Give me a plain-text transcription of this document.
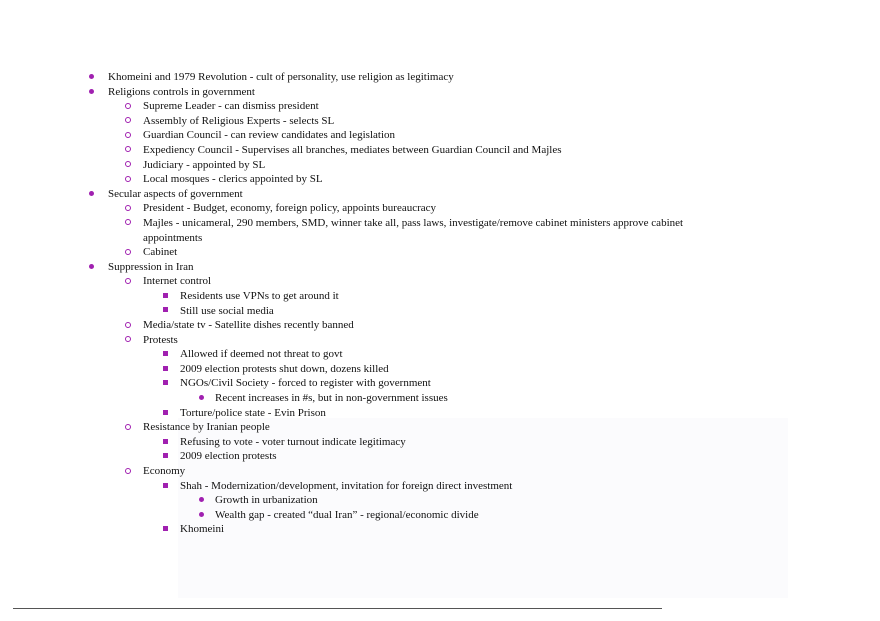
Khomeini and 1979 Revolution - cult of personality, use religion as legitimacy
Religions controls in government
Supreme Leader - can dismiss president
Assembly of Religious Experts - selects SL
Guardian Council - can review candidates and legislation
Expediency Council - Supervises all branches, mediates between Guardian Council and Majles
Judiciary - appointed by SL
Local mosques - clerics appointed by SL
Secular aspects of government
President - Budget, economy, foreign policy, appoints bureaucracy
Majles - unicameral, 290 members, SMD, winner take all, pass laws, investigate/remove cabinet ministers approve cabinet
appointments
Cabinet
Suppression in Iran
Internet control
Residents use VPNs to get around it
Still use social media
Media/state tv - Satellite dishes recently banned
Protests
Allowed if deemed not threat to govt
2009 election protests shut down, dozens killed
NGOs/Civil Society - forced to register with government
Recent increases in #s, but in non-government issues
Torture/police state - Evin Prison
Resistance by Iranian people
Refusing to vote - voter turnout indicate legitimacy
2009 election protests
Economy
Shah - Modernization/development, invitation for foreign direct investment
Growth in urbanization
Wealth gap - created “dual Iran” - regional/economic divide
Khomeini
